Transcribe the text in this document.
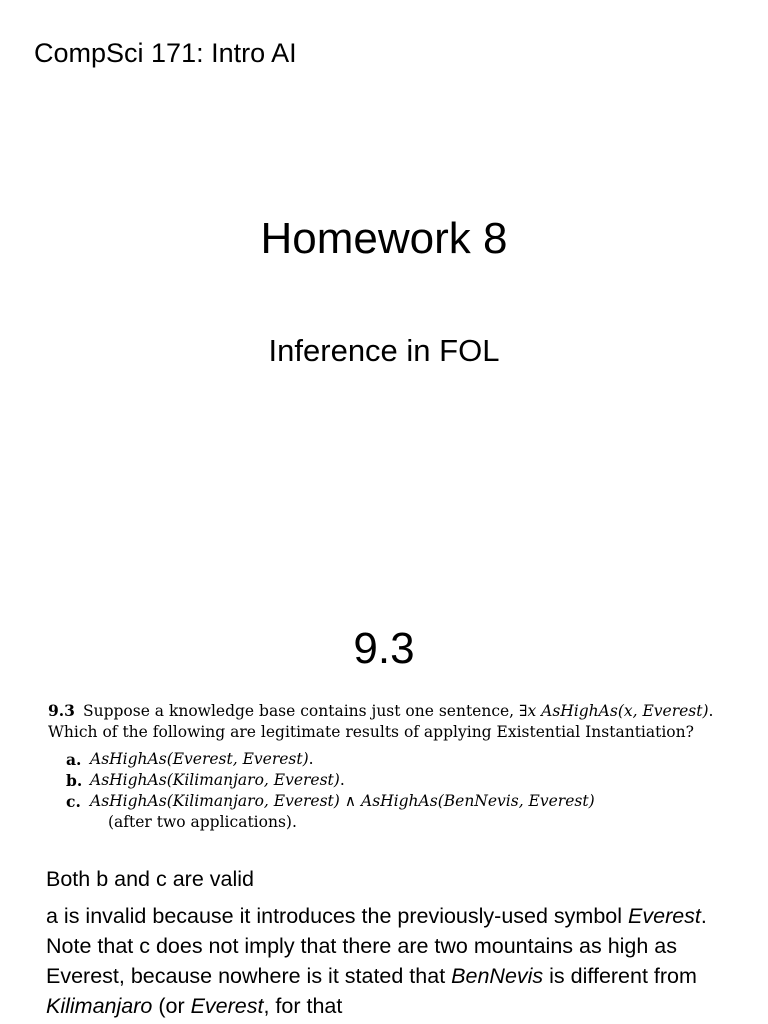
CompSci 171: Intro AI
Homework 8
Inference in FOL
9.3
9.3 Suppose a knowledge base contains just one sentence, ∃x AsHighAs(x, Everest).
Which of the following are legitimate results of applying Existential Instantiation?
a. AsHighAs(Everest, Everest).
b. AsHighAs(Kilimanjaro, Everest).
c. AsHighAs(Kilimanjaro, Everest) ∧ AsHighAs(BenNevis, Everest)
(after two applications).
Both b and c are valid
a is invalid because it introduces the previously-used symbol Everest. Note that c does not imply that there are two mountains as high as Everest, because nowhere is it stated that BenNevis is different from Kilimanjaro (or Everest, for that
